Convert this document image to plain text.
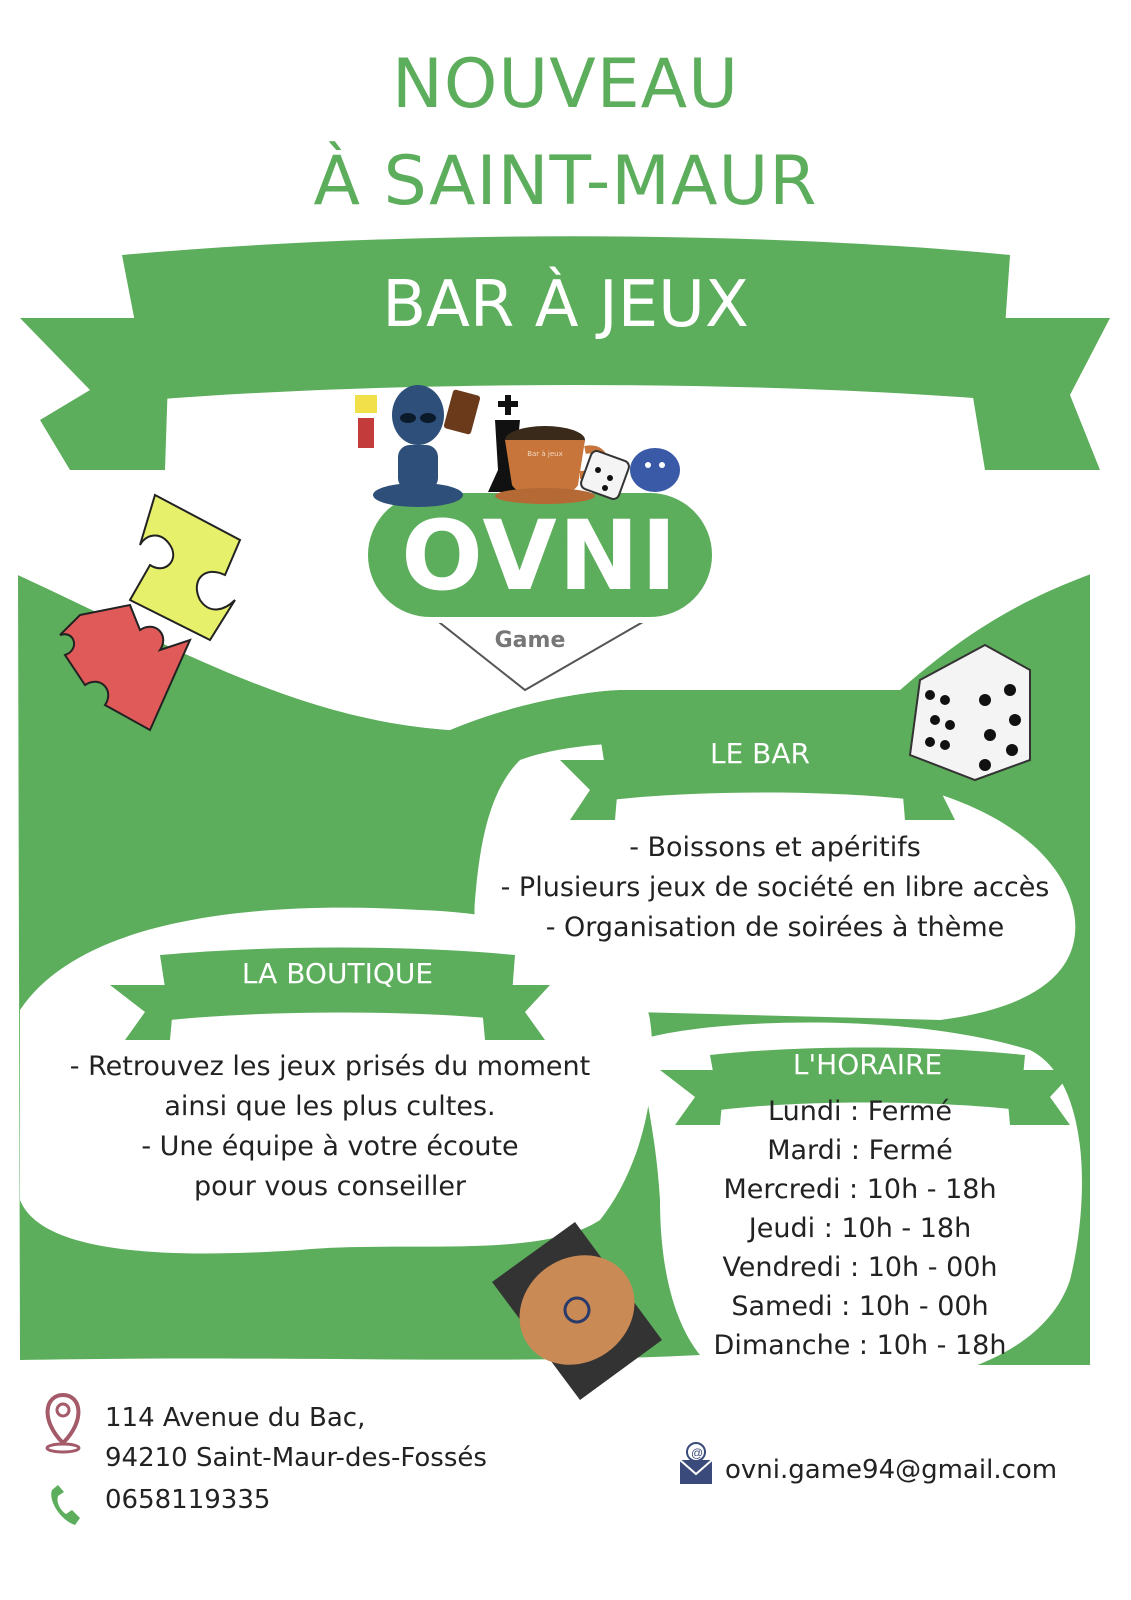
@
NOUVEAU
À SAINT-MAUR
BAR À JEUX
OVNI
Game
Bar à jeux
LE BAR
- Boissons et apéritifs
- Plusieurs jeux de société en libre accès
- Organisation de soirées à thème
LA BOUTIQUE
- Retrouvez les jeux prisés du moment
ainsi que les plus cultes.
- Une équipe à votre écoute
pour vous conseiller
L'HORAIRE
Lundi : Fermé
Mardi : Fermé
Mercredi : 10h - 18h
Jeudi : 10h - 18h
Vendredi : 10h - 00h
Samedi : 10h - 00h
Dimanche : 10h - 18h
114 Avenue du Bac,
94210 Saint-Maur-des-Fossés
0658119335
ovni.game94@gmail.com
